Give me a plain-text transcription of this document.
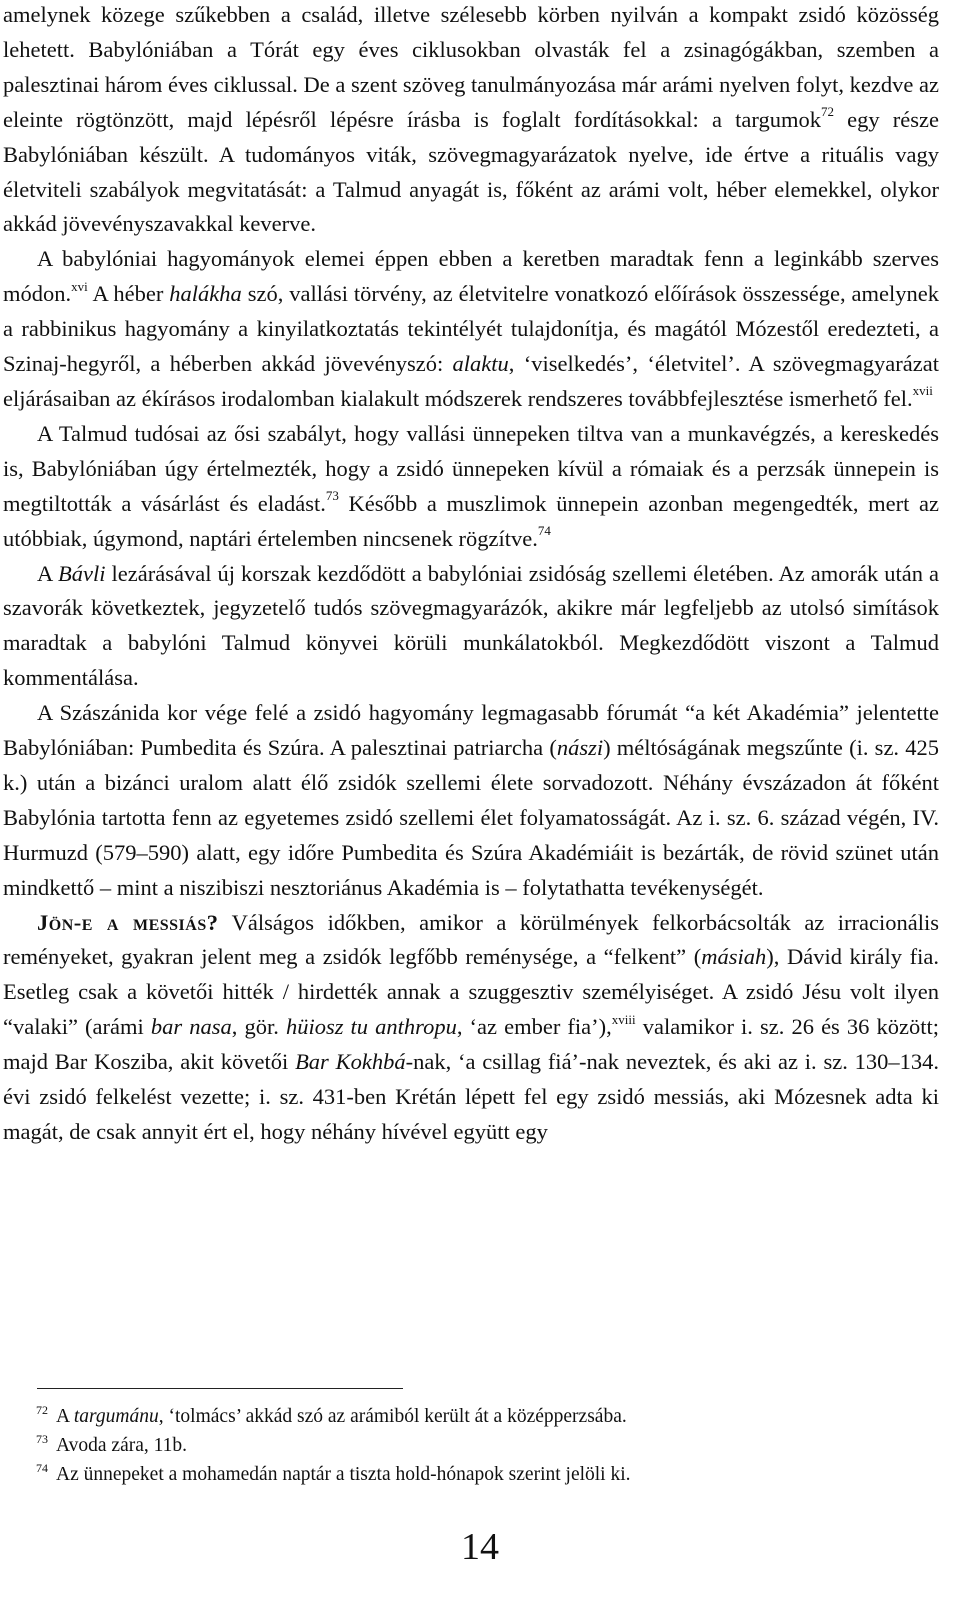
amelynek közege szűkebben a család, illetve szélesebb körben nyilván a kompakt zsidó közösség lehetett. Babylóniában a Tórát egy éves ciklusokban olvasták fel a zsinagógákban, szemben a palesztinai három éves ciklussal. De a szent szöveg tanulmányozása már arámi nyelven folyt, kezdve az eleinte rögtönzött, majd lépésről lépésre írásba is foglalt fordításokkal: a targumok$^{72}$ egy része Babylóniában készült. A tudományos viták, szövegmagyarázatok nyelve, ide értve a rituális vagy életviteli szabályok megvitatását: a Talmud anyagát is, főként az arámi volt, héber elemekkel, olykor akkád jövevényszavakkal keverve.

A babylóniai hagyományok elemei éppen ebben a keretben maradtak fenn a leginkább szerves módon.$^{xvi}$ A héber halákha szó, vallási törvény, az életvitelre vonatkozó előírások összessége, amelynek a rabbinikus hagyomány a kinyilatkoztatás tekintélyét tulajdonítja, és magától Mózestől eredezteti, a Szinaj-hegyről, a héberben akkád jövevényszó: alaktu, ‘viselkedés’, ‘életvitel’. A szövegmagyarázat eljárásaiban az ékírásos irodalomban kialakult módszerek rendszeres továbbfejlesztése ismerhető fel.$^{xvii}$

A Talmud tudósai az ősi szabályt, hogy vallási ünnepeken tiltva van a munkavégzés, a kereskedés is, Babylóniában úgy értelmezték, hogy a zsidó ünnepeken kívül a rómaiak és a perzsák ünnepein is megtiltották a vásárlást és eladást.$^{73}$ Később a muszlimok ünnepein azonban megengedték, mert az utóbbiak, úgymond, naptári értelemben nincsenek rögzítve.$^{74}$

A Bávli lezárásával új korszak kezdődött a babylóniai zsidóság szellemi életében. Az amorák után a szavorák következtek, jegyzetelő tudós szövegmagyarázók, akikre már legfeljebb az utolsó simítások maradtak a babylóni Talmud könyvei körüli munkálatokból. Megkezdődött viszont a Talmud kommentálása.

A Szászánida kor vége felé a zsidó hagyomány legmagasabb fórumát “a két Akadémia” jelentette Babylóniában: Pumbedita és Szúra. A palesztinai patriarcha (nászi) méltóságának megszűnte (i. sz. 425 k.) után a bizánci uralom alatt élő zsidók szellemi élete sorvadozott. Néhány évszázadon át főként Babylónia tartotta fenn az egyetemes zsidó szellemi élet folyamatosságát. Az i. sz. 6. század végén, IV. Hurmuzd (579–590) alatt, egy időre Pumbedita és Szúra Akadémiáit is bezárták, de rövid szünet után mindkettő – mint a niszibiszi nesztoriánus Akadémia is – folytathatta tevékenységét.

Jön-e a messiás? Válságos időkben, amikor a körülmények felkorbácsolták az irracionális reményeket, gyakran jelent meg a zsidók legfőbb reménysége, a “felkent” (másiah), Dávid király fia. Esetleg csak a követői hitték / hirdették annak a szuggesztiv személyiséget. A zsidó Jésu volt ilyen “valaki” (arámi bar nasa, gör. hüiosz tu anthropu, ‘az ember fia’),$^{xviii}$ valamikor i. sz. 26 és 36 között; majd Bar Kosziba, akit követői Bar Kokhbá-nak, ‘a csillag fiá’-nak neveztek, és aki az i. sz. 130–134. évi zsidó felkelést vezette; i. sz. 431-ben Krétán lépett fel egy zsidó messiás, aki Mózesnek adta ki magát, de csak annyit ért el, hogy néhány hívével együtt egy

$^{72}$ A targumánu, ‘tolmács’ akkád szó az arámiból került át a középperzsába.
$^{73}$ Avoda zára, 11b.
$^{74}$ Az ünnepeket a mohamedán naptár a tiszta hold-hónapok szerint jelöli ki.
14
